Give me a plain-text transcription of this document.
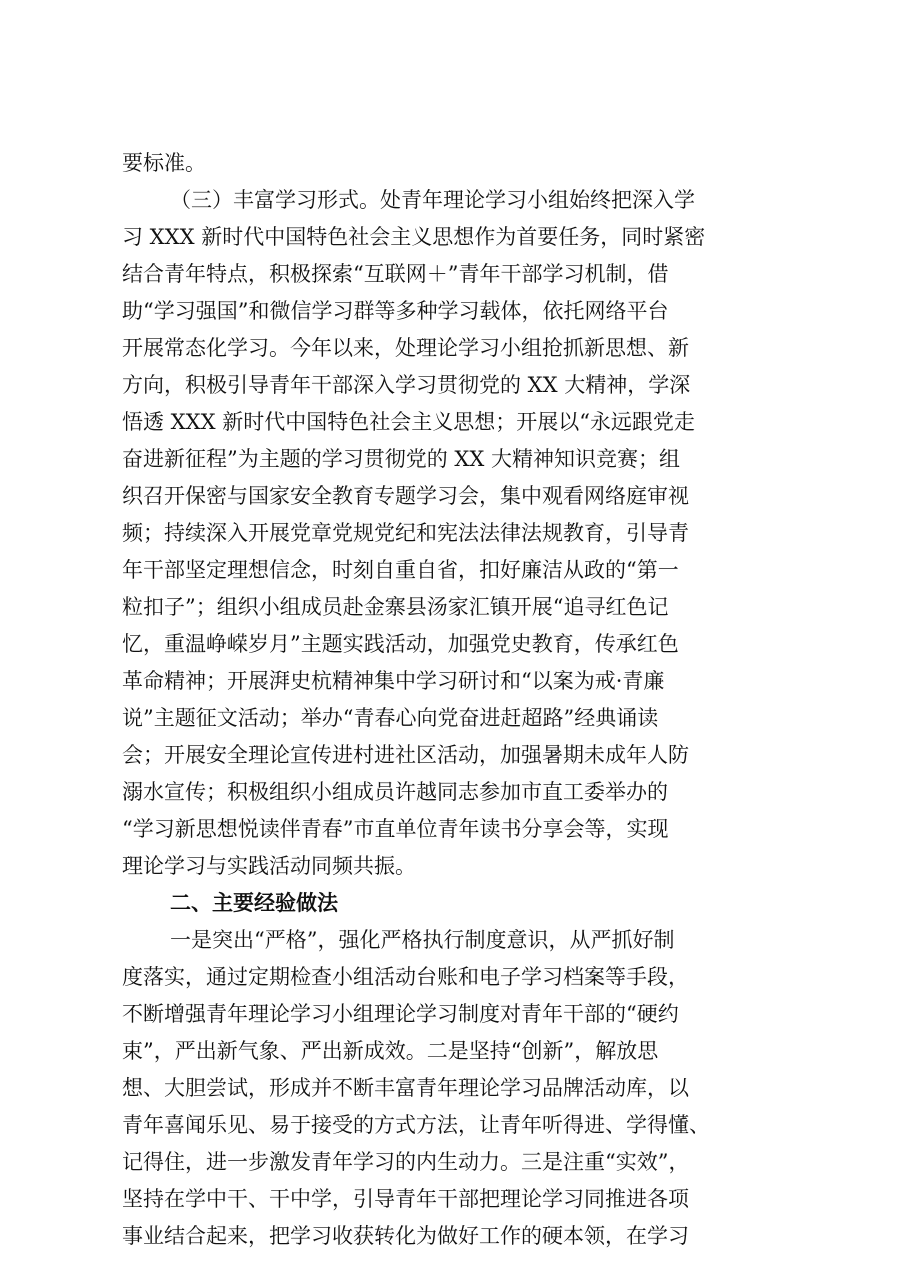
要标准。
（三）丰富学习形式。处青年理论学习小组始终把深入学
习 XXX 新时代中国特色社会主义思想作为首要任务，同时紧密
结合青年特点，积极探索“互联网＋”青年干部学习机制，借
助“学习强国”和微信学习群等多种学习载体，依托网络平台
开展常态化学习。今年以来，处理论学习小组抢抓新思想、新
方向，积极引导青年干部深入学习贯彻党的 XX 大精神，学深
悟透 XXX 新时代中国特色社会主义思想；开展以“永远跟党走
奋进新征程”为主题的学习贯彻党的 XX 大精神知识竞赛；组
织召开保密与国家安全教育专题学习会，集中观看网络庭审视
频；持续深入开展党章党规党纪和宪法法律法规教育，引导青
年干部坚定理想信念，时刻自重自省，扣好廉洁从政的“第一
粒扣子”；组织小组成员赴金寨县汤家汇镇开展“追寻红色记
忆，重温峥嵘岁月”主题实践活动，加强党史教育，传承红色
革命精神；开展湃史杭精神集中学习研讨和“以案为戒·青廉
说”主题征文活动；举办“青春心向党奋进赶超路”经典诵读
会；开展安全理论宣传进村进社区活动，加强暑期未成年人防
溺水宣传；积极组织小组成员许越同志参加市直工委举办的
“学习新思想悦读伴青春”市直单位青年读书分享会等，实现
理论学习与实践活动同频共振。
二、主要经验做法
一是突出“严格”，强化严格执行制度意识，从严抓好制
度落实，通过定期检查小组活动台账和电子学习档案等手段，
不断增强青年理论学习小组理论学习制度对青年干部的“硬约
束”，严出新气象、严出新成效。二是坚持“创新”，解放思
想、大胆尝试，形成并不断丰富青年理论学习品牌活动库，以
青年喜闻乐见、易于接受的方式方法，让青年听得进、学得懂、
记得住，进一步激发青年学习的内生动力。三是注重“实效”，
坚持在学中干、干中学，引导青年干部把理论学习同推进各项
事业结合起来，把学习收获转化为做好工作的硬本领，在学习
